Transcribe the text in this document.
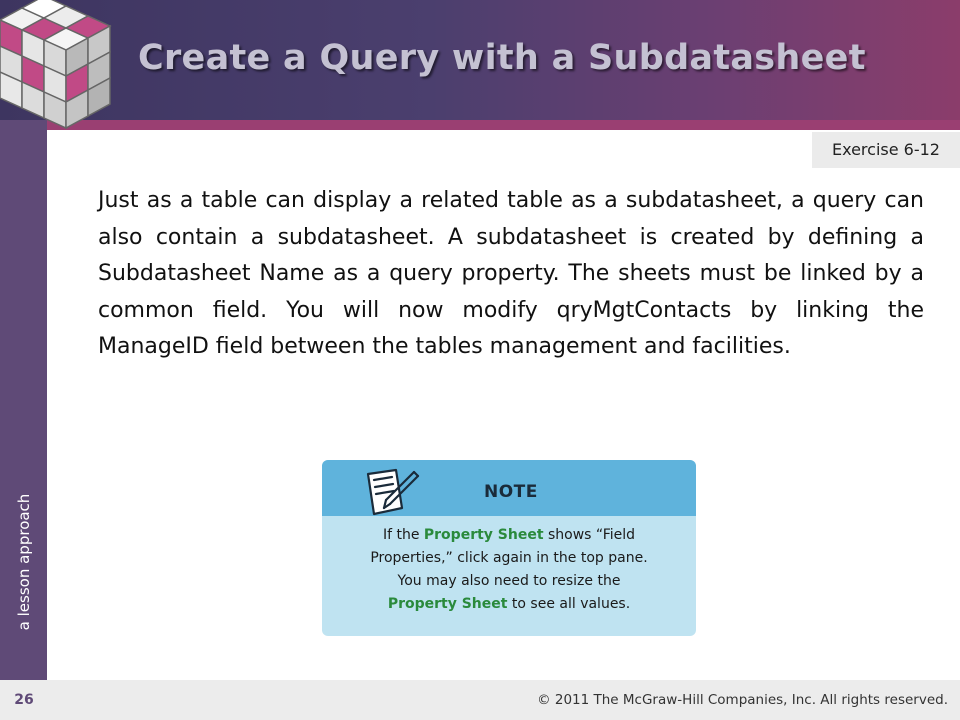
Create a Query with a Subdatasheet
Exercise 6-12

Just as a table can display a related table as a subdatasheet, a query can also contain a subdatasheet. A subdatasheet is created by defining a Subdatasheet Name as a query property. The sheets must be linked by a common field. You will now modify qryMgtContacts by linking the ManageID field between the tables management and facilities.

NOTE

If the Property Sheet shows “Field
Properties,” click again in the top pane.
You may also need to resize the
Property Sheet to see all values.

a lesson approach
26	© 2011 The McGraw-Hill Companies, Inc. All rights reserved.
